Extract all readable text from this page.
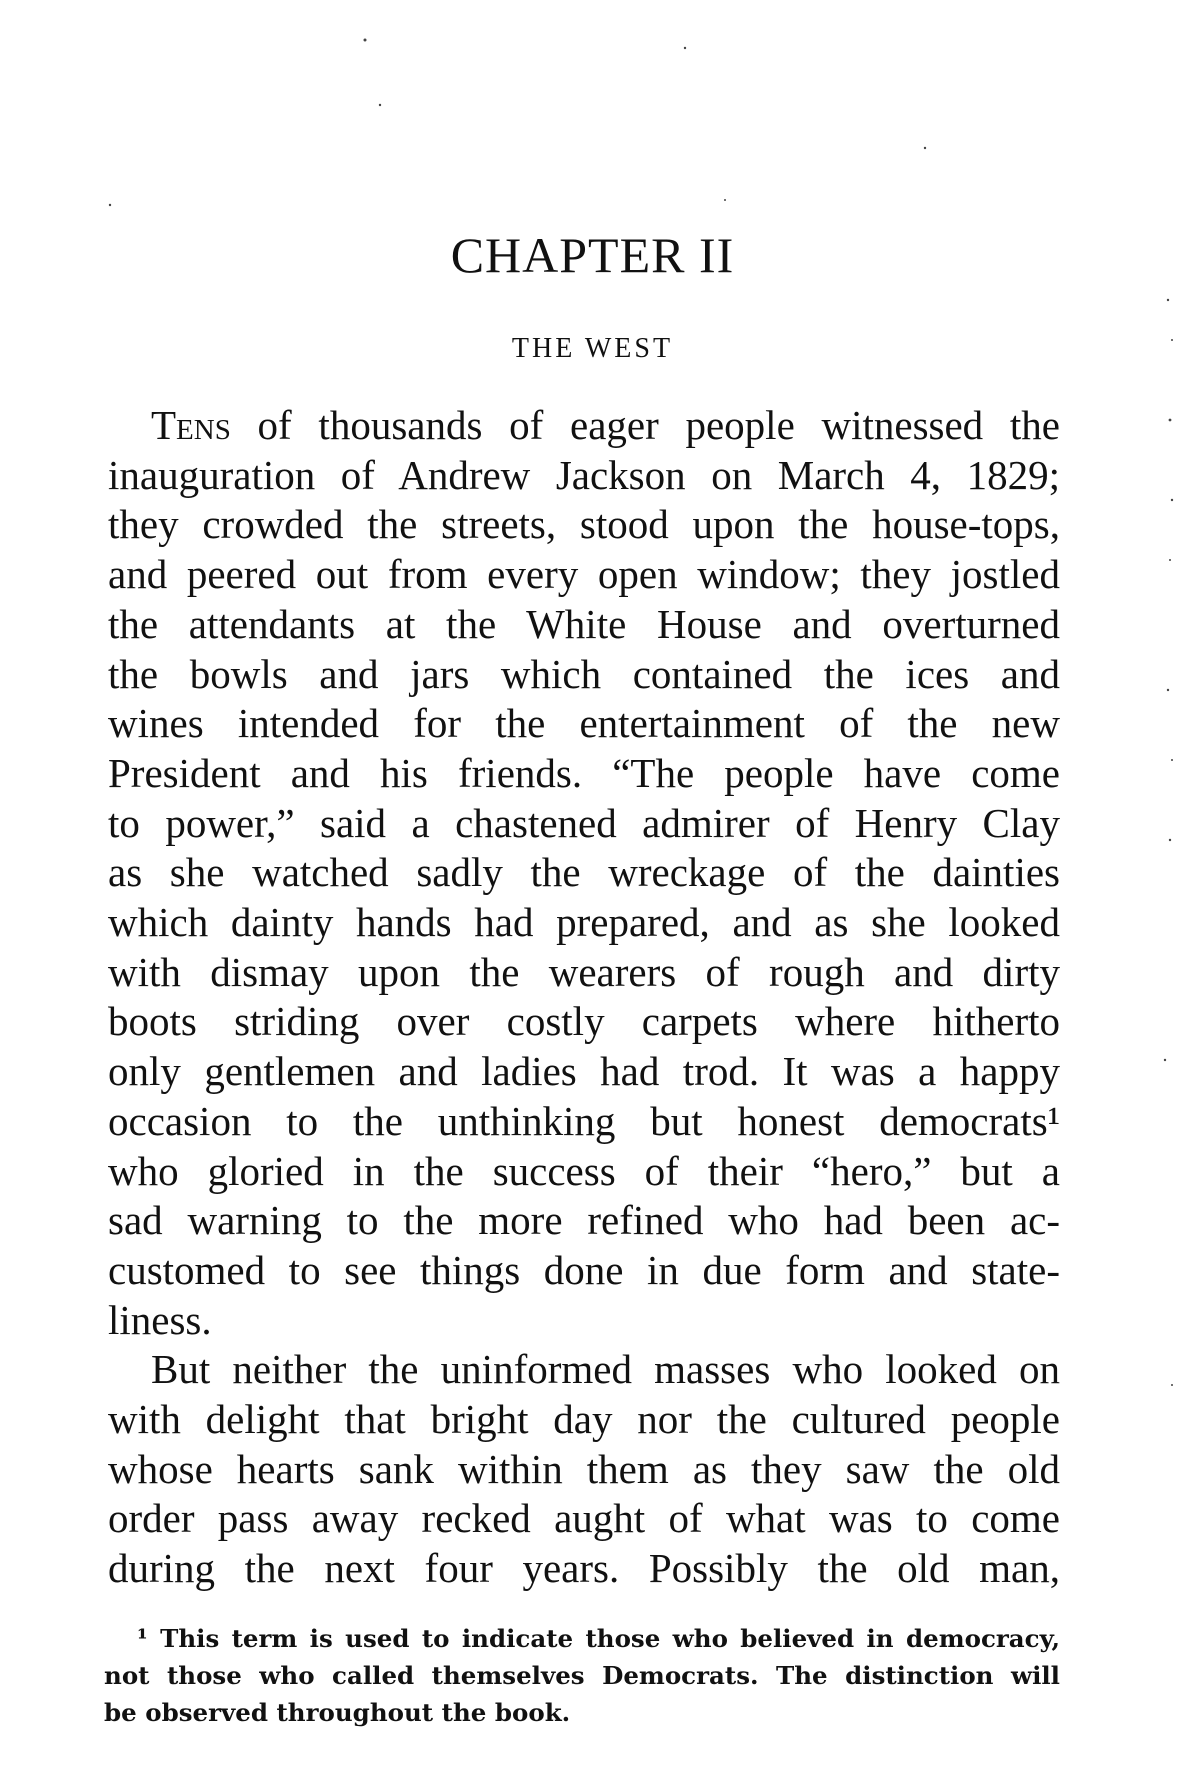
CHAPTER II
THE WEST
Tens of thousands of eager people witnessed the
inauguration of Andrew Jackson on March 4, 1829;
they crowded the streets, stood upon the house-tops,
and peered out from every open window; they jostled
the attendants at the White House and overturned
the bowls and jars which contained the ices and
wines intended for the entertainment of the new
President and his friends. “The people have come
to power,” said a chastened admirer of Henry Clay
as she watched sadly the wreckage of the dainties
which dainty hands had prepared, and as she looked
with dismay upon the wearers of rough and dirty
boots striding over costly carpets where hitherto
only gentlemen and ladies had trod. It was a happy
occasion to the unthinking but honest democrats¹
who gloried in the success of their “hero,” but a
sad warning to the more refined who had been ac-
customed to see things done in due form and state-
liness.
But neither the uninformed masses who looked on
with delight that bright day nor the cultured people
whose hearts sank within them as they saw the old
order pass away recked aught of what was to come
during the next four years. Possibly the old man,
¹ This term is used to indicate those who believed in democracy,
not those who called themselves Democrats. The distinction will
be observed throughout the book.
